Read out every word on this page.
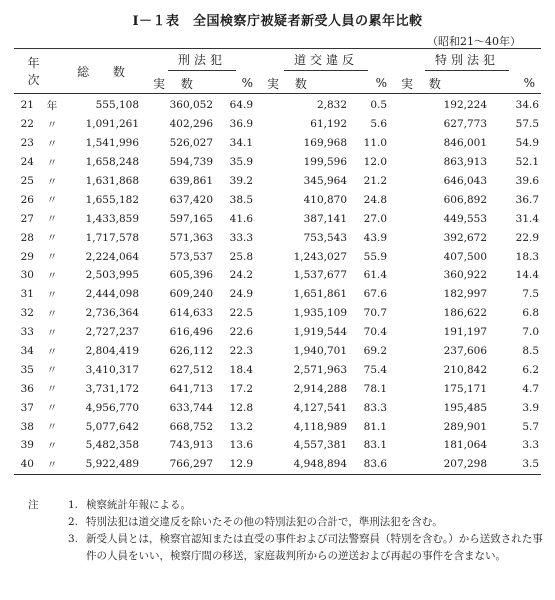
Ⅰ－１表　全国検察庁被疑者新受人員の累年比較
（昭和21～40年）
年 次		総 数	刑法犯		道交違反		特別法犯	
			実 数	%	実 数	%	実 数	%
21	年	555,108	360,052	64.9	2,832	0.5	192,224	34.6
22	〃	1,091,261	402,296	36.9	61,192	5.6	627,773	57.5
23	〃	1,541,996	526,027	34.1	169,968	11.0	846,001	54.9
24	〃	1,658,248	594,739	35.9	199,596	12.0	863,913	52.1
25	〃	1,631,868	639,861	39.2	345,964	21.2	646,043	39.6
26	〃	1,655,182	637,420	38.5	410,870	24.8	606,892	36.7
27	〃	1,433,859	597,165	41.6	387,141	27.0	449,553	31.4
28	〃	1,717,578	571,363	33.3	753,543	43.9	392,672	22.9
29	〃	2,224,064	573,537	25.8	1,243,027	55.9	407,500	18.3
30	〃	2,503,995	605,396	24.2	1,537,677	61.4	360,922	14.4
31	〃	2,444,098	609,240	24.9	1,651,861	67.6	182,997	7.5
32	〃	2,736,364	614,633	22.5	1,935,109	70.7	186,622	6.8
33	〃	2,727,237	616,496	22.6	1,919,544	70.4	191,197	7.0
34	〃	2,804,419	626,112	22.3	1,940,701	69.2	237,606	8.5
35	〃	3,410,317	627,512	18.4	2,571,963	75.4	210,842	6.2
36	〃	3,731,172	641,713	17.2	2,914,288	78.1	175,171	4.7
37	〃	4,956,770	633,744	12.8	4,127,541	83.3	195,485	3.9
38	〃	5,077,642	668,752	13.2	4,118,989	81.1	289,901	5.7
39	〃	5,482,358	743,913	13.6	4,557,381	83.1	181,064	3.3
40	〃	5,922,489	766,297	12.9	4,948,894	83.6	207,298	3.5
注	1. 検察統計年報による。
2. 特別法犯は道交違反を除いたその他の特別法犯の合計で，準刑法犯を含む。
3. 新受人員とは，検察官認知または直受の事件および司法警察員（特別を含む。）から送致された事件の人員をいい，検察庁間の移送，家庭裁判所からの逆送および再起の事件を含まない。
